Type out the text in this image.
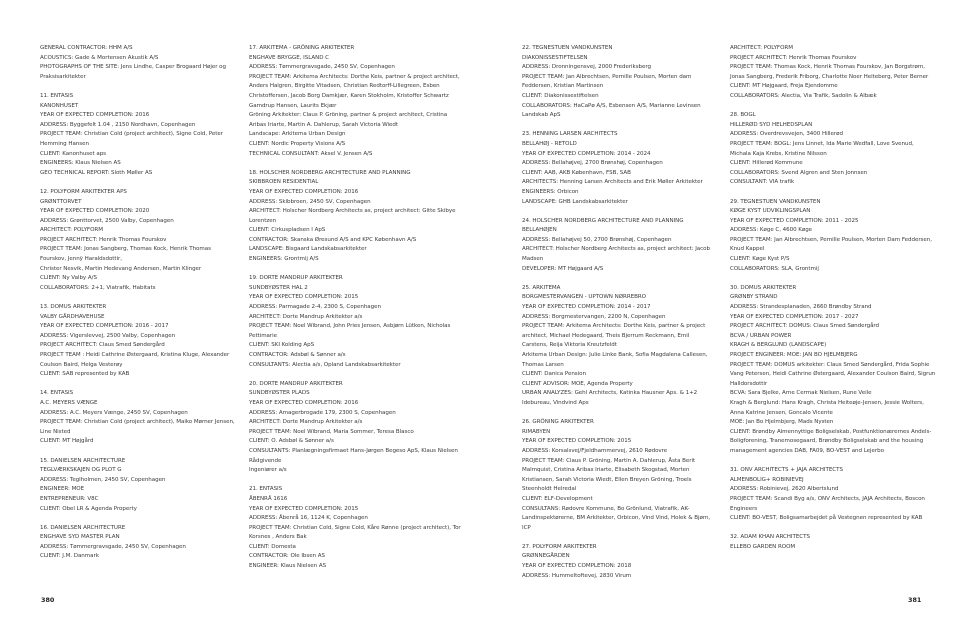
GENERAL CONTRACTOR: HHM A/S
ACOUSTICS: Gade & Mortensen Akustik A/S
PHOTOGRAPHS OF THE SITE: Jens Lindhe, Casper Brogaard Højer og Praksisarkitekter
11. ENTASIS
KANONHUSET
YEAR OF EXPECTED COMPLETION: 2016
ADDRESS: Byggefelt 1.04 , 2150 Nordhavn, Copenhagen
PROJECT TEAM: Christian Cold (project architect), Signe Cold, Peter Hemming Hansen
CLIENT: Kanonhuset aps
ENGINEERS: Klaus Nielsen AS
GEO TECHNICAL REPORT: Sloth Møller AS
12. POLYFORM ARKITEKTER APS
GRØNTTORVET
YEAR OF EXPECTED COMPLETION: 2020
ADDRESS: Grønttorvet, 2500 Valby, Copenhagen
ARCHITECT: POLYFORM
PROJECT ARCHITECT: Henrik Thomas Fourskov
PROJECT TEAM: Jonas Sangberg, Thomas Kock, Henrik Thomas Fourskov, Jennÿ Haraldsdottir,
Christer Nesvik, Martin Hedevang Andersen, Martin Klinger
CLIENT: Ny Valby A/S
COLLABORATORS: 2+1, Viatrafik, Habitats
13. DOMUS ARKITEKTER
VALBY GÅRDHAVEHUSE
YEAR OF EXPECTED COMPLETION: 2016 - 2017
ADDRESS: Vigerslevvej, 2500 Valby, Copenhagen
PROJECT ARCHITECT: Claus Smed Søndergård
PROJECT TEAM : Heidi Cathrine Østergaard, Kristina Kluge, Alexander Coulson Baird, Helga Vesterøy
CLIENT: SAB represented by KAB
14. ENTASIS
A.C. MEYERS VÆNGE
ADDRESS: A.C. Meyers Vænge, 2450 SV, Copenhagen
PROJECT TEAM: Christian Cold (project architect), Maiko Mørner Jensen, Line Nisted
CLIENT: MT Højgård
15. DANIELSEN ARCHITECTURE
TEGLVÆRKSKAJEN OG PLOT G
ADDRESS: Teglholmen, 2450 SV, Copenhagen
ENGINEER: MOE
ENTREPRENEUR: V8C
CLIENT: Obel LR & Agenda Property
16. DANIELSEN ARCHITECTURE
ENGHAVE SYD MASTER PLAN
ADDRESS: Tømmergravsgade, 2450 SV, Copenhagen
CLIENT: J.M. Danmark
17. ARKITEMA - GRÖNING ARKITEKTER
ENGHAVE BRYGGE, ISLAND C
ADDRESS: Tømmergravsgade, 2450 SV, Copenhagen
PROJECT TEAM: Arkitema Architects: Dorthe Keis, partner & project architect, Anders Halgren, Birgitte Vitadsen, Christian Redtorff-Lillegreen, Esben Christoffersen, Jacob Borg Damkjær, Karen Stokholm, Kristoffer Schwartz Gamdrup Hansen, Laurits Ekjær
Gröning Arkitekter: Claus P. Gröning, partner & project architect, Cristina Aribas Iriarte, Martin A. Dahlerup, Sarah Victoria Wiedt
Landscape: Arkitema Urban Design
CLIENT: Nordic Property Visions A/S
TECHNICAL CONSULTANT: Aksel V. Jensen A/S
18. HOLSCHER NORDBERG ARCHITECTURE AND PLANNING
SKIBBROEN RESIDENTIAL
YEAR OF EXPECTED COMPLETION: 2016
ADDRESS: Skibbroen, 2450 SV, Copenhagen
ARCHITECT: Holscher Nordberg Architects as, project architect: Gitte Skibye Lorentzen
CLIENT: Cirkuspladsen I ApS
CONTRACTOR: Skanska Øresund A/S and KPC København A/S
LANDSCAPE: Bisgaard Landskabsarkitekter
ENGINEERS: Grontmij A/S
19. DORTE MANDRUP ARKITEKTER
SUNDBYØSTER HAL 2
YEAR OF EXPECTED COMPLETION: 2015
ADDRESS: Parmagade 2-4, 2300 S, Copenhagen
ARCHITECT: Dorte Mandrup Arkitekter a/s
PROJECT TEAM: Noel Wibrand, John Pries Jensen, Asbjørn Lütken, Nicholas Pettimarie
CLIENT: SKI Kolding ApS
CONTRACTOR: Adsbøl & Sønner a/s
CONSULTANTS: Alectia a/s, Opland Landskabsarkitekter
20. DORTE MANDRUP ARKITEKTER
SUNDBYØSTER PLADS
YEAR OF EXPECTED COMPLETION: 2016
ADDRESS: Amagerbrogade 179, 2300 S, Copenhagen
ARCHITECT: Dorte Mandrup Arkitekter a/s
PROJECT TEAM: Noel Wibrand, Maria Sommer, Teresa Blasco
CLIENT: O. Adsbøl & Sønner a/s
CONSULTANTS: Planlægningsfirmaet Hans-Jørgen Begeso ApS, Klaus Nielsen Rådgivende
Ingeniører a/s
21. ENTASIS
ÅBENRÅ 1616
YEAR OF EXPECTED COMPLETION: 2015
ADDRESS: Åbenrå 16, 1124 K, Copenhagen
PROJECT TEAM: Christian Cold, Signe Cold, Kåre Rønne (project architect), Tor Korsnes , Anders Bak
CLIENT: Domesta
CONTRACTOR: Ole Ibsen AS
ENGINEER: Klaus Nielsen AS
22. TEGNESTUEN VANDKUNSTEN
DIAKONISSESTIFTELSEN
ADDRESS: Dronningensvej, 2000 Frederiksberg
PROJECT TEAM: Jan Albrechtsen, Pernille Poulsen, Morten dam Feddersen, Kristian Martinsen
CLIENT: Diakonissestiftelsen
COLLABORATORS: HaCaPø A/S, Esbensen A/S, Marianne Levinsen Landskab ApS
23. HENNING LARSEN ARCHITECTS
BELLAHØJ - RETOLD
YEAR OF EXPECTED COMPLETION: 2014 - 2024
ADDRESS: Bellahøjvej, 2700 Brønshøj, Copenhagen
CLIENT: AAB, AKB København, FSB, SAB
ARCHITECTS: Henning Larsen Architects and Erik Møller Arkitekter
ENGINEERS: Orbicon
LANDSCAPE: GHB Landskabsarkitekter
24. HOLSCHER NORDBERG ARCHITECTURE AND PLANNING
BELLAHØJEN
ADDRESS: Bellahøjvej 50, 2700 Brønshøj, Copenhagen
ARCHITECT: Holscher Nordberg Architects as, project architect: Jacob Madsen
DEVELOPER: MT Højgaard A/S
25. ARKITEMA
BORGMESTERVANGEN - UPTOWN NØRREBRO
YEAR OF EXPECTED COMPLETION: 2014 - 2017
ADDRESS: Borgmestervangen, 2200 N, Copenhagen
PROJECT TEAM: Arkitema Architects: Dorthe Keis, partner & project architect, Michael Hedegaard, Theis Bjerrum Reckmann, Emil Carstens, Reija Viktoria Kreutzfeldt
Arkitema Urban Design: Julie Linke Bank, Sofia Magdalena Callesen, Thomas Larsen
CLIENT: Danica Pension
CLIENT ADVISOR: MOE, Agenda Property
URBAN ANALYZES: Gehl Architects, Katinka Hausner Aps. & 1+2 Idebureau, Vindvind Aps
26. GRÖNING ARKITEKTER
RIMABYEN
YEAR OF EXPECTED COMPLETION: 2015
ADDRESS: Korsalsvej/Fjeldhammervej, 2610 Rødovre
PROJECT TEAM: Claus P. Gröning, Martin A. Dahlerup, Åsta Berit Malmquist, Cristina Aribas Iriarte, Elisabeth Skogstad, Morten Kristiansen, Sarah Victoria Wiedt, Ellen Breyen Gröning, Troels Steenholdt Helredal
CLIENT: ELF-Development
CONSULTANS: Rødovre Kommune, Bo Grönlund, Viatrafik, AK-Landinspektørerne, BM Arkitekter, Orbicon, Vind Vind, Holek & Bjørn, ICP
27. POLYFORM ARKITEKTER
GRØNNEGÅRDEN
YEAR OF EXPECTED COMPLETION: 2018
ADDRESS: Hummeltoftevej, 2830 Virum
ARCHITECT: POLYFORM
PROJECT ARCHITECT: Henrik Thomas Fourskov
PROJECT TEAM: Thomas Kock, Henrik Thomas Fourskov, Jan Borgstrøm, Jonas Sangberg, Frederik Friborg, Charlotte Noer Heiteberg, Peter Berner
CLIENT: MT Højgaard, Freja Ejendomme
COLLABORATORS: Alectia, Via Trafik, Sadolin & Albæk
28. BOGL
HILLERØD SYD HELHEDSPLAN
ADDRESS: Overdrevsvejen, 3400 Hillerød
PROJECT TEAM: BOGL: Jens Linnet, Ida Marie Wedfall, Love Svenud, Michala Kaja Krebs, Kristine Nilsson
CLIENT: Hillerød Kommune
COLLABORATORS: Svend Algren and Sten Jonnsen
CONSULTANT: VIA trafik
29. TEGNESTUEN VANDKUNSTEN
KØGE KYST UDVIKLINGSPLAN
YEAR OF EXPECTED COMPLETION: 2011 - 2025
ADDRESS: Køge C, 4600 Køge
PROJECT TEAM: Jan Albrechtsen, Pernille Poulsen, Morten Dam Feddersen, Knud Kappel
CLIENT: Køge Kyst P/S
COLLABORATORS: SLA, Grontmij
30. DOMUS ARKITEKTER
GRØNBY STRAND
ADDRESS: Strandesplanaden, 2660 Brøndby Strand
YEAR OF EXPECTED COMPLETION: 2017 - 2027
PROJECT ARCHITECT: DOMUS: Claus Smed Søndergård
BCVA / URBAN POWER
KRAGH & BERGLUND (LANDSCAPE)
PROJECT ENGINEER: MOE: JAN BO HJELMBJERG
PROJECT TEAM: DOMUS arkitekter: Claus Smed Søndergård, Frida Sophie Vang Petersen, Heidi Cathrine Østergaard, Alexander Coulson Baird, Sigrun Halldorsdottir
BCVA: Sara Bjelke, Arne Cermak Nielsen, Rune Veile
Kragh & Berglund: Hans Kragh, Christa Heiteøje-Jensen, Jessie Wolters, Anna Katrine Jensen, Goncalo Vicente
MOE: Jan Bo Hjelmbjerg, Mads Nysten
CLIENT: Brøndby Almennyttige Boligselskab, Postfunktionærernes Andels-Boligforening, Tranemosegaard, Brøndby Boligselskab and the housing management agencies DAB, FA09, BO-VEST and Lejerbo
31. ONV ARCHITECTS + JAJA ARCHITECTS
ALMENBOLIG+ ROBINIEVEJ
ADDRESS: Robinievej, 2620 Albertslund
PROJECT TEAM: Scandi Byg a/s, ONV Architects, JAJA Architects, Boscon Engineers
CLIENT: BO-VEST, Boligsamarbejdet på Vestegnen represented by KAB
32. ADAM KHAN ARCHITECTS
ELLEBO GARDEN ROOM
380	381
